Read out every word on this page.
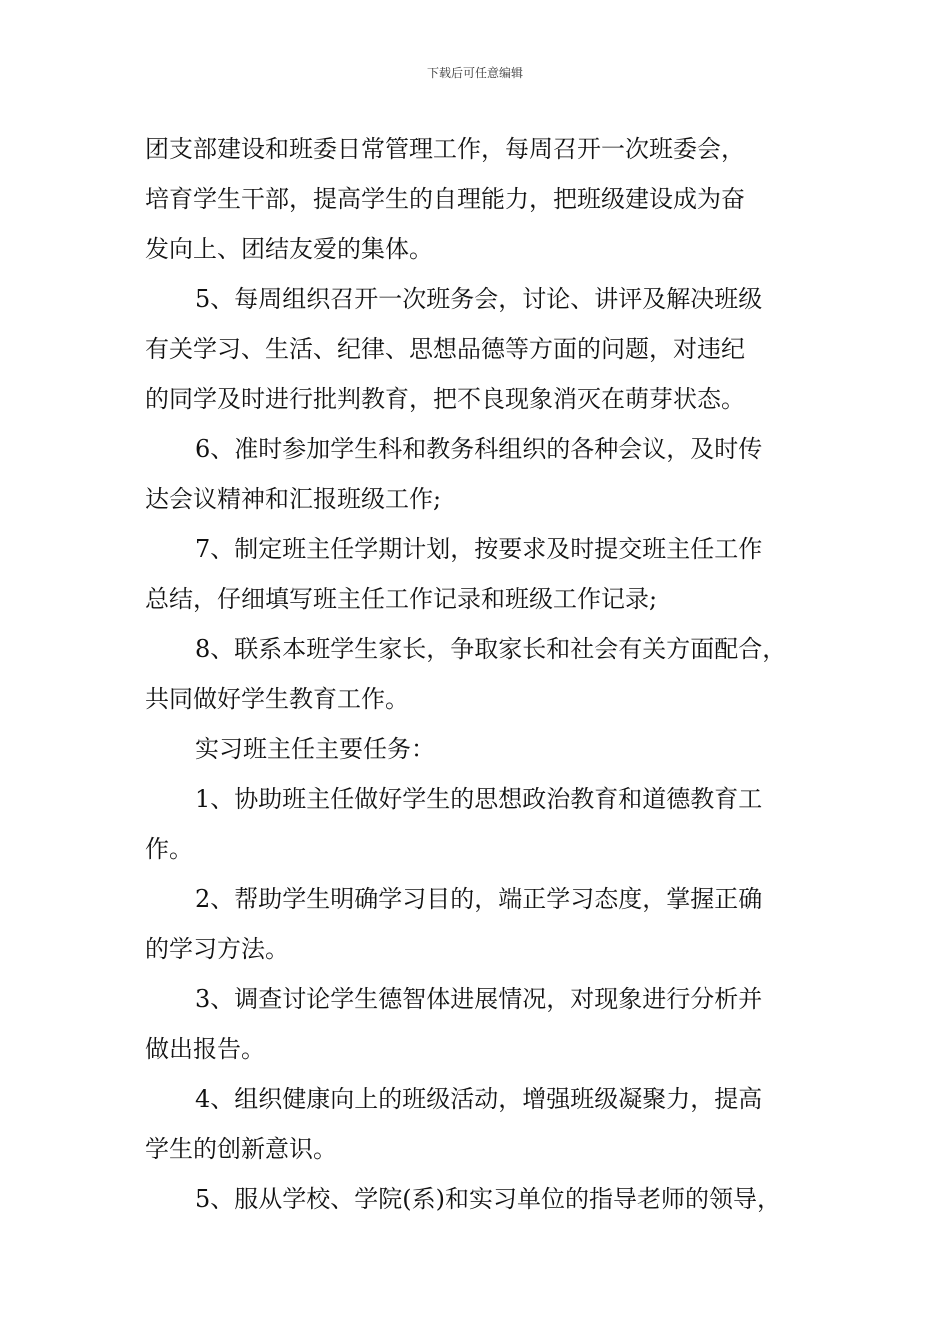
下载后可任意编辑
团支部建设和班委日常管理工作，每周召开一次班委会，
培育学生干部，提高学生的自理能力，把班级建设成为奋
发向上、团结友爱的集体。
5、每周组织召开一次班务会，讨论、讲评及解决班级
有关学习、生活、纪律、思想品德等方面的问题，对违纪
的同学及时进行批判教育，把不良现象消灭在萌芽状态。
6、准时参加学生科和教务科组织的各种会议，及时传
达会议精神和汇报班级工作;
7、制定班主任学期计划，按要求及时提交班主任工作
总结，仔细填写班主任工作记录和班级工作记录;
8、联系本班学生家长，争取家长和社会有关方面配合，
共同做好学生教育工作。
实习班主任主要任务：
1、协助班主任做好学生的思想政治教育和道德教育工
作。
2、帮助学生明确学习目的，端正学习态度，掌握正确
的学习方法。
3、调查讨论学生德智体进展情况，对现象进行分析并
做出报告。
4、组织健康向上的班级活动，增强班级凝聚力，提高
学生的创新意识。
5、服从学校、学院(系)和实习单位的指导老师的领导，
